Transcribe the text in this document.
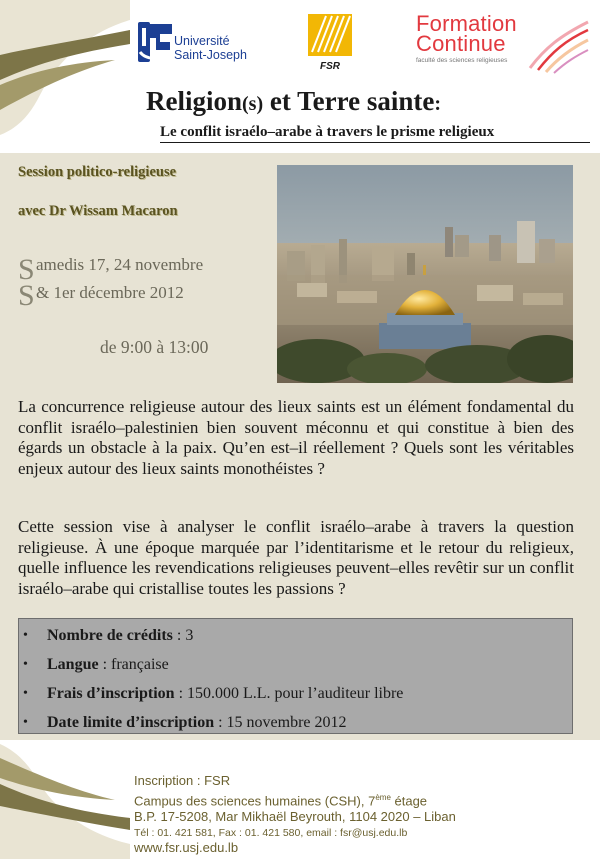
Université
Saint-Joseph
FSR
Formation
Continue
faculté des sciences religieuses
Religion(s) et Terre sainte:
Le conflit israélo–arabe à travers le prisme religieux
Session politico-religieuse
avec Dr Wissam Macaron
S amedis 17, 24 novembre
S & 1er décembre 2012
de 9:00 à 13:00
La concurrence religieuse autour des lieux saints est un élément fondamental du conflit israélo–palestinien bien souvent méconnu et qui constitue à bien des égards un obstacle à la paix. Qu’en est–il réellement ? Quels sont les véritables enjeux autour des lieux saints monothéistes ?
Cette session vise à analyser le conflit israélo–arabe à travers la question religieuse. À une époque marquée par l’identitarisme et le retour du religieux, quelle influence les revendications religieuses peuvent–elles revêtir sur un conflit israélo–arabe qui cristallise toutes les passions ?
Nombre de crédits : 3
•
Langue : française
•
Frais d’inscription : 150.000 L.L. pour l’auditeur libre
•
Date limite d’inscription : 15 novembre 2012
•
Inscription : FSR
Campus des sciences humaines (CSH), 7ème étage
B.P. 17-5208, Mar Mikhaël Beyrouth, 1104 2020 – Liban
Tél : 01. 421 581, Fax : 01. 421 580, email : fsr@usj.edu.lb
www.fsr.usj.edu.lb
